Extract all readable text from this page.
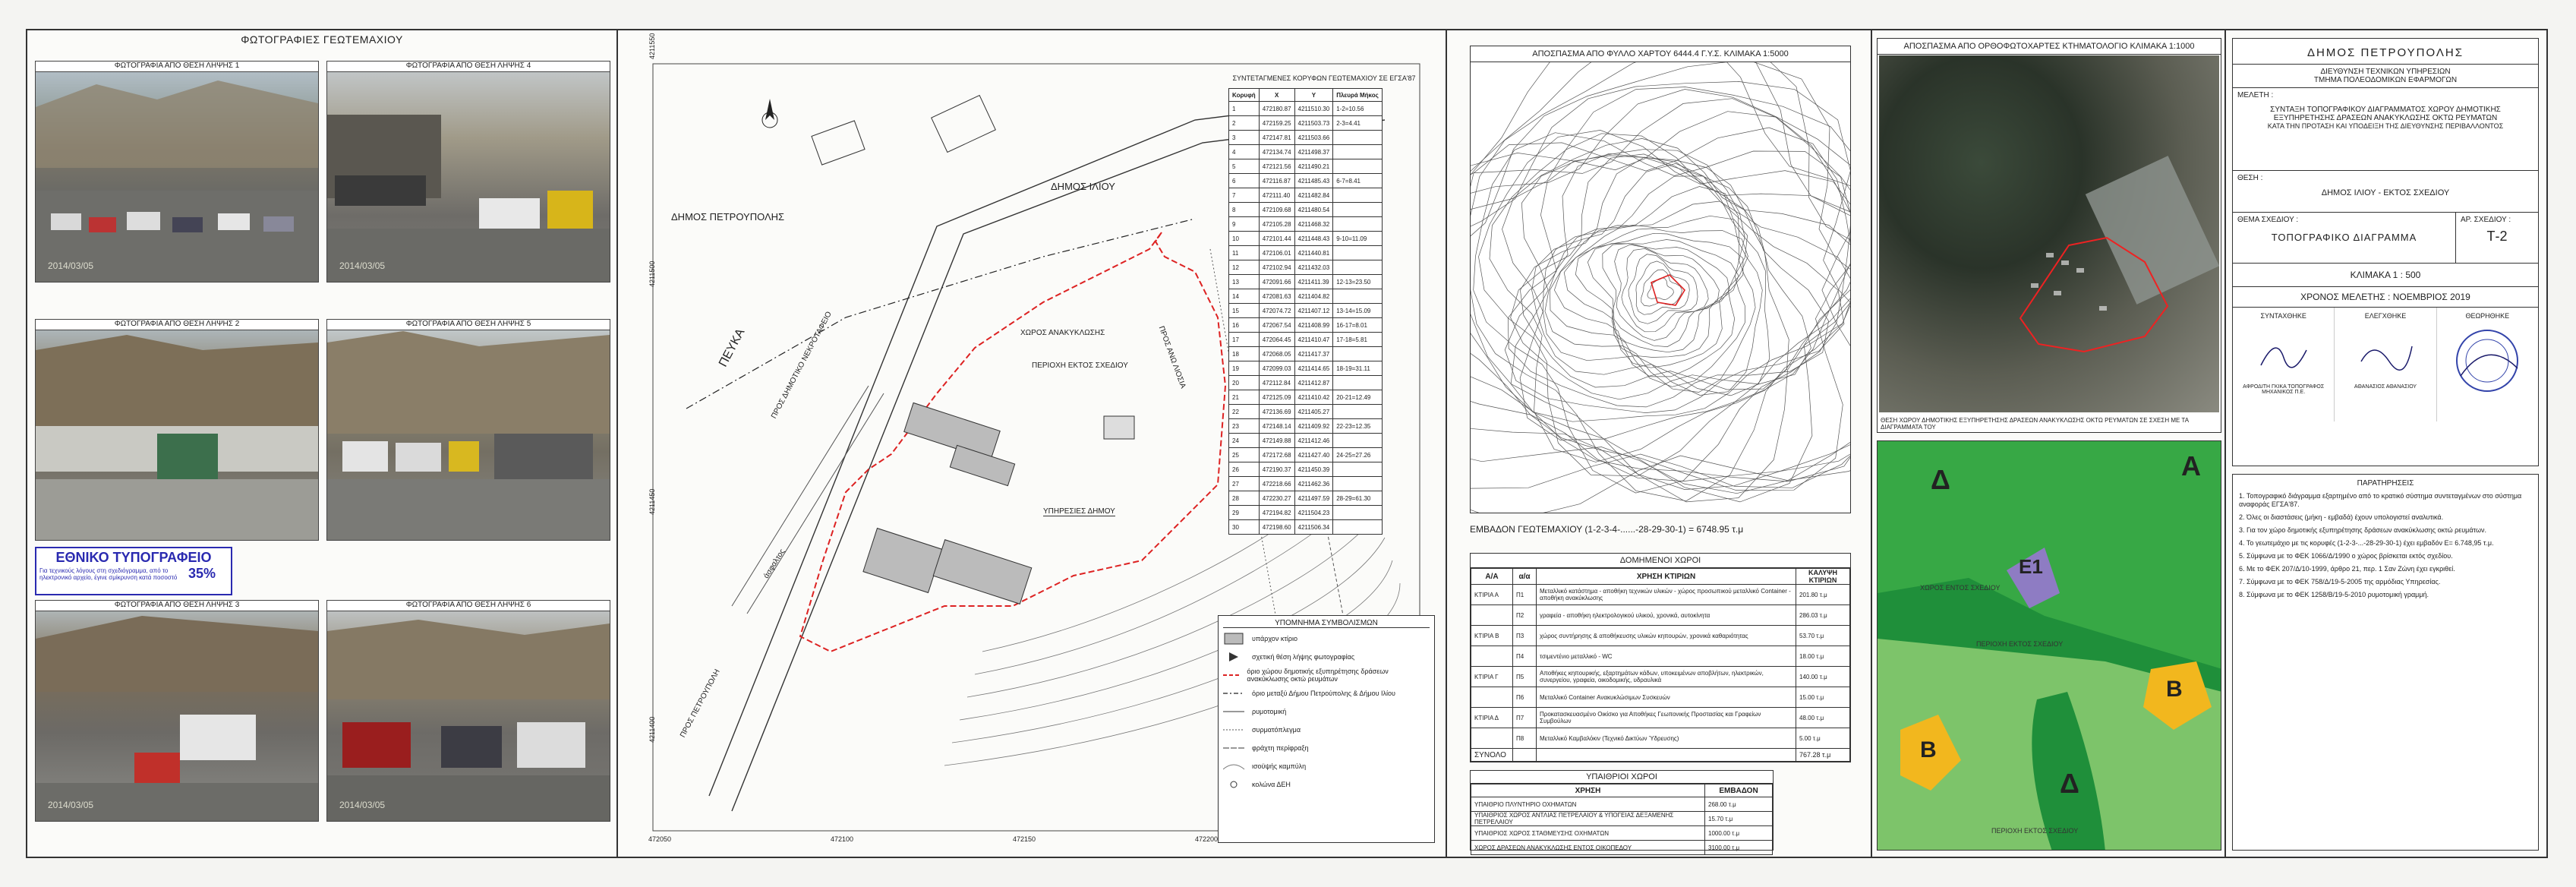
ΦΩΤΟΓΡΑΦΙΕΣ ΓΕΩΤΕΜΑΧΙΟΥ
ΦΩΤΟΓΡΑΦΙΑ ΑΠΟ ΘΕΣΗ ΛΗΨΗΣ 1
2014/03/05
ΦΩΤΟΓΡΑΦΙΑ ΑΠΟ ΘΕΣΗ ΛΗΨΗΣ 4
2014/03/05
ΦΩΤΟΓΡΑΦΙΑ ΑΠΟ ΘΕΣΗ ΛΗΨΗΣ 2	ΦΩΤΟΓΡΑΦΙΑ ΑΠΟ ΘΕΣΗ ΛΗΨΗΣ 5
ΕΘΝΙΚΟ ΤΥΠΟΓΡΑΦΕΙΟ
Για τεχνικούς λόγους στη σχεδιόγραμμα, από το ηλεκτρονικό αρχείο, έγινε σμίκρυνση κατά ποσοστό 35%
ΦΩΤΟΓΡΑΦΙΑ ΑΠΟ ΘΕΣΗ ΛΗΨΗΣ 3
2014/03/05
ΦΩΤΟΓΡΑΦΙΑ ΑΠΟ ΘΕΣΗ ΛΗΨΗΣ 6
2014/03/05
4211550
4211500
4211450
4211400
472050	472100	472150	472200
ΔΗΜΟΣ ΠΕΤΡΟΥΠΟΛΗΣ
ΔΗΜΟΣ ΙΛΙΟΥ
ΠΕΥΚΑ	ΠΡΟΣ ΔΗΜΟΤΙΚΟ ΝΕΚΡΟΤΑΦΕΙΟ
ΠΡΟΣ ΠΕΤΡΟΥΠΟΛΗ
ΠΡΟΣ ΑΝΩ ΛΙΟΣΙΑ
άσφαλτος
ΧΩΡΟΣ ΑΝΑΚΥΚΛΩΣΗΣ
ΠΕΡΙΟΧΗ ΕΚΤΟΣ ΣΧΕΔΙΟΥ
ΥΠΗΡΕΣΙΕΣ ΔΗΜΟΥ
ΣΥΝΤΕΤΑΓΜΕΝΕΣ ΚΟΡΥΦΩΝ ΓΕΩΤΕΜΑΧΙΟΥ ΣΕ ΕΓΣΑ'87
Κορυφή	X	Y	Πλευρά Μήκος
1	472180.87	4211510.30	1-2=10.56
2	472159.25	4211503.73	2-3=4.41
3	472147.81	4211503.66	
4	472134.74	4211498.37	
5	472121.56	4211490.21	
6	472116.87	4211485.43	6-7=8.41
7	472111.40	4211482.84	
8	472109.68	4211480.54	
9	472105.28	4211468.32	
10	472101.44	4211448.43	9-10=11.09
11	472106.01	4211440.81	
12	472102.94	4211432.03	
13	472091.66	4211411.39	12-13=23.50
14	472081.63	4211404.82	
15	472074.72	4211407.12	13-14=15.09
16	472067.54	4211408.99	16-17=8.01
17	472064.45	4211410.47	17-18=5.81
18	472068.05	4211417.37	
19	472099.03	4211414.65	18-19=31.11
20	472112.84	4211412.87	
21	472125.09	4211410.42	20-21=12.49
22	472136.69	4211405.27	
23	472148.14	4211409.92	22-23=12.35
24	472149.88	4211412.46	
25	472172.68	4211427.40	24-25=27.26
26	472190.37	4211450.39	
27	472218.66	4211462.36	
28	472230.27	4211497.59	28-29=61.30
29	472194.82	4211504.23	
30	472198.60	4211506.34	
ΥΠΟΜΝΗΜΑ ΣΥΜΒΟΛΙΣΜΩΝ
υπάρχον κτίριο
σχετική θέση λήψης φωτογραφίας
όριο χώρου δημοτικής εξυπηρέτησης δράσεων ανακύκλωσης οκτώ ρευμάτων
όριο μεταξύ Δήμου Πετρούπολης & Δήμου Ιλίου
ρυμοτομική
συρματόπλεγμα
φράχτη περίφραξη
ισοϋψής καμπύλη
κολώνα ΔΕΗ
ΑΠΟΣΠΑΣΜΑ ΑΠΟ ΦΥΛΛΟ ΧΑΡΤΟΥ 6444.4 Γ.Υ.Σ. ΚΛΙΜΑΚΑ 1:5000
ΕΜΒΑΔΟΝ ΓΕΩΤΕΜΑΧΙΟΥ (1-2-3-4-......-28-29-30-1) = 6748.95 τ.μ
ΔΟΜΗΜΕΝΟΙ ΧΩΡΟΙ
Α/Α	α/α	ΧΡΗΣΗ ΚΤΙΡΙΩΝ	ΚΑΛΥΨΗ ΚΤΙΡΙΩΝ
ΚΤΙΡΙΑ Α	Π1	Μεταλλικό κατάστημα - αποθήκη τεχνικών υλικών - χώρος προσωπικού μεταλλικό Container - αποθήκη ανακύκλωσης	201.80 τ.μ
	Π2	γραφεία - αποθήκη ηλεκτρολογικού υλικού, χρονικά, αυτοκίνητα	286.03 τ.μ
ΚΤΙΡΙΑ Β	Π3	χώρος συντήρησης & αποθήκευσης υλικών κηπουρών, χρονικά καθαριότητας	53.70 τ.μ
	Π4	τσιμεντένιο μεταλλικό - WC	18.00 τ.μ
ΚΤΙΡΙΑ Γ	Π5	Αποθήκες κηπουρικής, εξαρτημάτων κάδων, υποκειμένων αποβλήτων, ηλεκτρικών, συνεργείου, γραφεία, οικοδομικής, υδραυλικά	140.00 τ.μ
	Π6	Μεταλλικό Container Ανακυκλώσιμων Συσκευών	15.00 τ.μ
ΚΤΙΡΙΑ Δ	Π7	Προκατασκευασμένο Οικίσκο για Αποθήκες Γεωπονικής Προστασίας και Γραφείων Συμβούλων	48.00 τ.μ
	Π8	Μεταλλικό Καμβαλόκιν (Τεχνικό Δικτύων Ύδρευσης)	5.00 τ.μ
ΣΥΝΟΛΟ			767.28 τ.μ
ΥΠΑΙΘΡΙΟΙ ΧΩΡΟΙ
ΧΡΗΣΗ	ΕΜΒΑΔΟΝ
ΥΠΑΙΘΡΙΟ ΠΛΥΝΤΗΡΙΟ ΟΧΗΜΑΤΩΝ	268.00 τ.μ
ΥΠΑΙΘΡΙΟΣ ΧΩΡΟΣ ΑΝΤΛΙΑΣ ΠΕΤΡΕΛΑΙΟΥ & ΥΠΟΓΕΙΑΣ ΔΕΞΑΜΕΝΗΣ ΠΕΤΡΕΛΑΙΟΥ	15.70 τ.μ
ΥΠΑΙΘΡΙΟΣ ΧΩΡΟΣ ΣΤΑΘΜΕΥΣΗΣ ΟΧΗΜΑΤΩΝ	1000.00 τ.μ
ΧΩΡΟΣ ΔΡΑΣΕΩΝ ΑΝΑΚΥΚΛΩΣΗΣ ΕΝΤΟΣ ΟΙΚΟΠΕΔΟΥ	3100.00 τ.μ
ΑΠΟΣΠΑΣΜΑ ΑΠΟ ΟΡΘΟΦΩΤΟΧΑΡΤΕΣ ΚΤΗΜΑΤΟΛΟΓΙΟ ΚΛΙΜΑΚΑ 1:1000
ΘΕΣΗ ΧΩΡΟΥ ΔΗΜΟΤΙΚΗΣ ΕΞΥΠΗΡΕΤΗΣΗΣ ΔΡΑΣΕΩΝ ΑΝΑΚΥΚΛΩΣΗΣ ΟΚΤΩ ΡΕΥΜΑΤΩΝ ΣΕ ΣΧΕΣΗ ΜΕ ΤΑ ΔΙΑΓΡΑΜΜΑΤΑ ΤΟΥ
Δ	Α
Ε1
Β
Β
Δ
ΧΩΡΟΣ ΕΝΤΟΣ ΣΧΕΔΙΟΥ
ΠΕΡΙΟΧΗ ΕΚΤΟΣ ΣΧΕΔΙΟΥ
ΠΕΡΙΟΧΗ ΕΚΤΟΣ ΣΧΕΔΙΟΥ
ΔΗΜΟΣ ΠΕΤΡΟΥΠΟΛΗΣ
ΔΙΕΥΘΥΝΣΗ ΤΕΧΝΙΚΩΝ ΥΠΗΡΕΣΙΩΝ
ΤΜΗΜΑ ΠΟΛΕΟΔΟΜΙΚΩΝ ΕΦΑΡΜΟΓΩΝ
ΜΕΛΕΤΗ :
ΣΥΝΤΑΞΗ ΤΟΠΟΓΡΑΦΙΚΟΥ ΔΙΑΓΡΑΜΜΑΤΟΣ ΧΩΡΟΥ ΔΗΜΟΤΙΚΗΣ
ΕΞΥΠΗΡΕΤΗΣΗΣ ΔΡΑΣΕΩΝ ΑΝΑΚΥΚΛΩΣΗΣ ΟΚΤΩ ΡΕΥΜΑΤΩΝ
ΚΑΤΑ ΤΗΝ ΠΡΟΤΑΣΗ ΚΑΙ ΥΠΟΔΕΙΞΗ ΤΗΣ ΔΙΕΥΘΥΝΣΗΣ ΠΕΡΙΒΑΛΛΟΝΤΟΣ
ΘΕΣΗ :
ΔΗΜΟΣ ΙΛΙΟΥ - ΕΚΤΟΣ ΣΧΕΔΙΟΥ
ΘΕΜΑ ΣΧΕΔΙΟΥ :
ΤΟΠΟΓΡΑΦΙΚΟ ΔΙΑΓΡΑΜΜΑ
ΑΡ. ΣΧΕΔΙΟΥ :
Τ-2
ΚΛΙΜΑΚΑ 1 : 500
ΧΡΟΝΟΣ ΜΕΛΕΤΗΣ : ΝΟΕΜΒΡΙΟΣ 2019
ΣΥΝΤΑΧΘΗΚΕ
ΑΦΡΟΔΙΤΗ ΓΚΙΚΑ ΤΟΠΟΓΡΑΦΟΣ ΜΗΧΑΝΙΚΟΣ Π.Ε.
ΕΛΕΓΧΘΗΚΕ
ΑΘΑΝΑΣΙΟΣ ΑΘΑΝΑΣΙΟΥ
ΘΕΩΡΗΘΗΚΕ
ΠΑΡΑΤΗΡΗΣΕΙΣ
1. Τοπογραφικό διάγραμμα εξαρτημένο από το κρατικό σύστημα συντεταγμένων στο σύστημα αναφοράς ΕΓΣΑ'87.
2. Όλες οι διαστάσεις (μήκη - εμβαδά) έχουν υπολογιστεί αναλυτικά.
3. Για τον χώρο δημοτικής εξυπηρέτησης δράσεων ανακύκλωσης οκτώ ρευμάτων.
4. Το γεωτεμάχιο με τις κορυφές (1-2-3-...-28-29-30-1) έχει εμβαδόν Ε= 6.748,95 τ.μ.
5. Σύμφωνα με το ΦΕΚ 1066/Δ/1990 ο χώρος βρίσκεται εκτός σχεδίου.
6. Με το ΦΕΚ 207/Δ/10-1999, άρθρο 21, περ. 1 Σαν Ζώνη έχει εγκριθεί.
7. Σύμφωνα με το ΦΕΚ 758/Δ/19-5-2005 της αρμόδιας Υπηρεσίας.
8. Σύμφωνα με το ΦΕΚ 1258/Β/19-5-2010 ρυμοτομική γραμμή.
